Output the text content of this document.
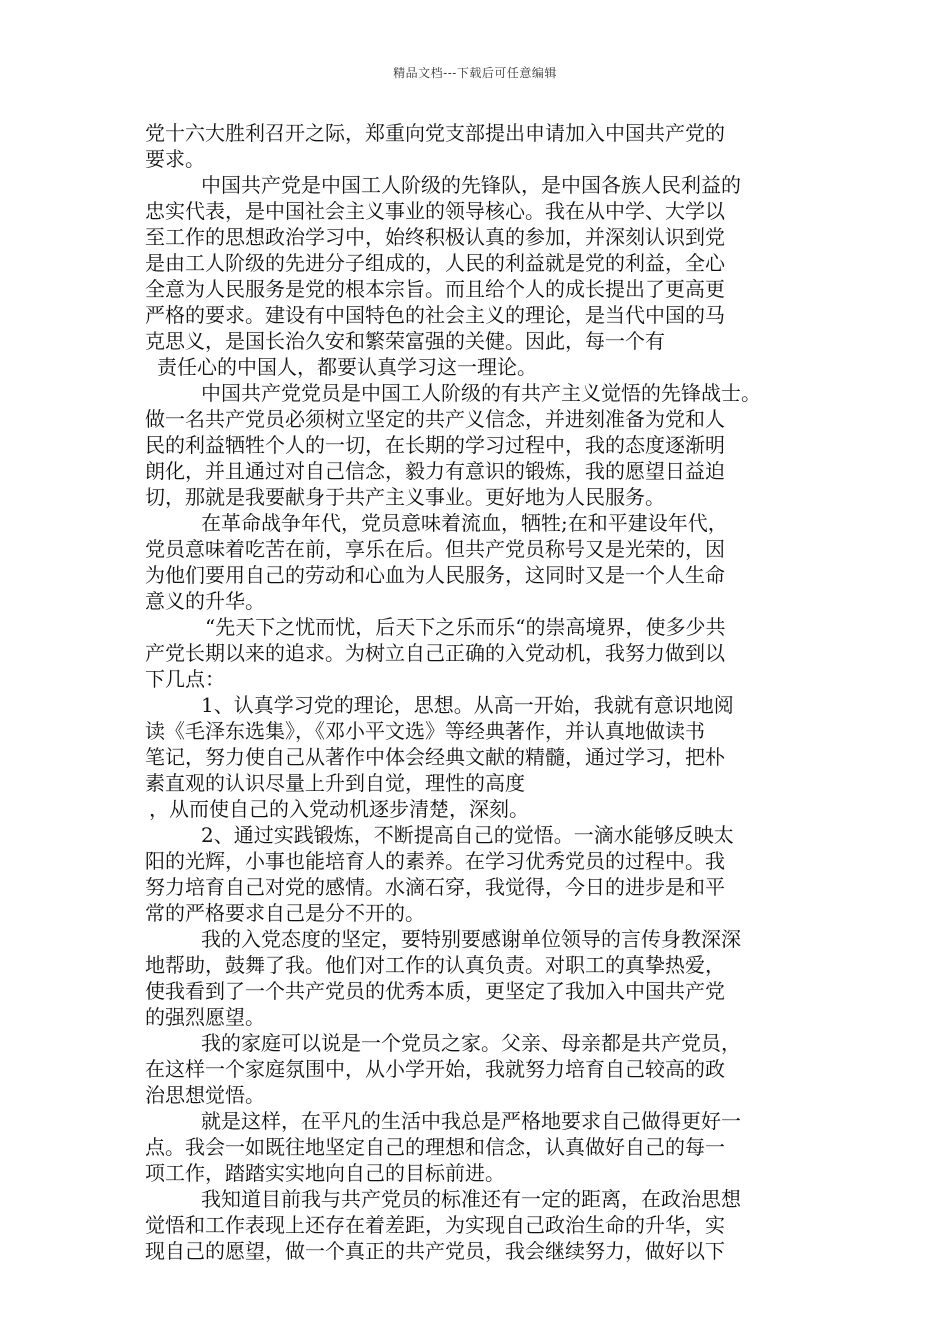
精品文档---下载后可任意编辑
党十六大胜利召开之际，郑重向党支部提出申请加入中国共产党的
要求。
中国共产党是中国工人阶级的先锋队，是中国各族人民利益的
忠实代表，是中国社会主义事业的领导核心。我在从中学、大学以
至工作的思想政治学习中，始终积极认真的参加，并深刻认识到党
是由工人阶级的先进分子组成的，人民的利益就是党的利益，全心
全意为人民服务是党的根本宗旨。而且给个人的成长提出了更高更
严格的要求。建设有中国特色的社会主义的理论，是当代中国的马
克思义，是国长治久安和繁荣富强的关健。因此，每一个有
责任心的中国人，都要认真学习这一理论。
中国共产党党员是中国工人阶级的有共产主义觉悟的先锋战士。
做一名共产党员必须树立坚定的共产义信念，并进刻准备为党和人
民的利益牺牲个人的一切，在长期的学习过程中，我的态度逐渐明
朗化，并且通过对自己信念，毅力有意识的锻炼，我的愿望日益迫
切，那就是我要献身于共产主义事业。更好地为人民服务。
在革命战争年代，党员意味着流血，牺牲;在和平建设年代，
党员意味着吃苦在前，享乐在后。但共产党员称号又是光荣的，因
为他们要用自己的劳动和心血为人民服务，这同时又是一个人生命
意义的升华。
“先天下之忧而忧，后天下之乐而乐“的崇高境界，使多少共
产党长期以来的追求。为树立自己正确的入党动机，我努力做到以
下几点：
1、认真学习党的理论，思想。从高一开始，我就有意识地阅
读《毛泽东选集》，《邓小平文选》等经典著作，并认真地做读书
笔记，努力使自己从著作中体会经典文献的精髓，通过学习，把朴
素直观的认识尽量上升到自觉，理性的高度
，从而使自己的入党动机逐步清楚，深刻。
2、通过实践锻炼，不断提高自己的觉悟。一滴水能够反映太
阳的光辉，小事也能培育人的素养。在学习优秀党员的过程中。我
努力培育自己对党的感情。水滴石穿，我觉得，今日的进步是和平
常的严格要求自己是分不开的。
我的入党态度的坚定，要特别要感谢单位领导的言传身教深深
地帮助，鼓舞了我。他们对工作的认真负责。对职工的真挚热爱，
使我看到了一个共产党员的优秀本质，更坚定了我加入中国共产党
的强烈愿望。
我的家庭可以说是一个党员之家。父亲、母亲都是共产党员，
在这样一个家庭氛围中，从小学开始，我就努力培育自己较高的政
治思想觉悟。
就是这样，在平凡的生活中我总是严格地要求自己做得更好一
点。我会一如既往地坚定自己的理想和信念，认真做好自己的每一
项工作，踏踏实实地向自己的目标前进。
我知道目前我与共产党员的标准还有一定的距离，在政治思想
觉悟和工作表现上还存在着差距，为实现自己政治生命的升华，实
现自己的愿望，做一个真正的共产党员，我会继续努力，做好以下
